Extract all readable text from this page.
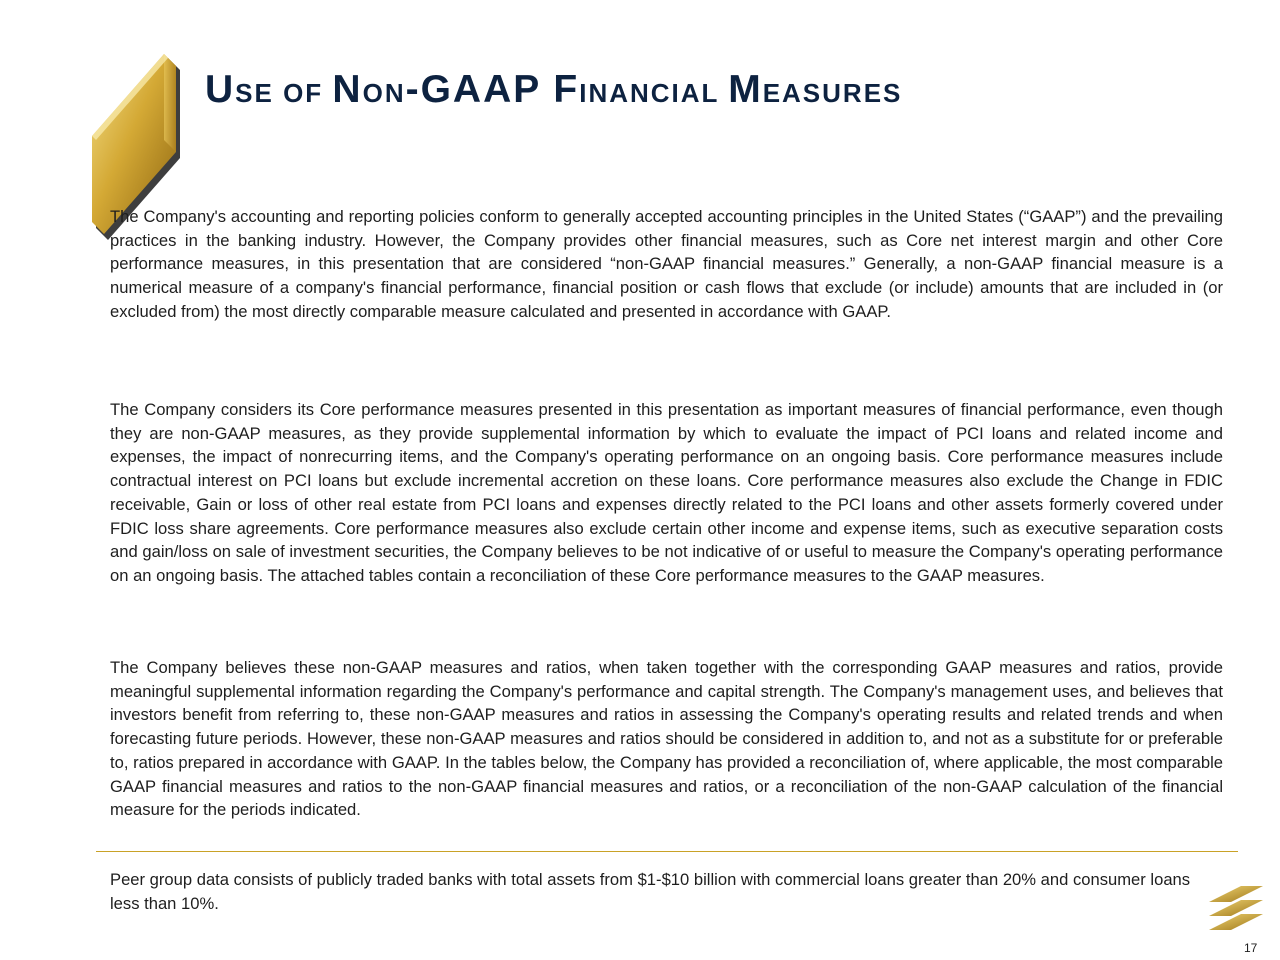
USE OF NON-GAAP FINANCIAL MEASURES

The Company's accounting and reporting policies conform to generally accepted accounting principles in the United States (“GAAP”) and the prevailing practices in the banking industry. However, the Company provides other financial measures, such as Core net interest margin and other Core performance measures, in this presentation that are considered “non-GAAP financial measures.” Generally, a non-GAAP financial measure is a numerical measure of a company's financial performance, financial position or cash flows that exclude (or include) amounts that are included in (or excluded from) the most directly comparable measure calculated and presented in accordance with GAAP.

The Company considers its Core performance measures presented in this presentation as important measures of financial performance, even though they are non-GAAP measures, as they provide supplemental information by which to evaluate the impact of PCI loans and related income and expenses, the impact of nonrecurring items, and the Company's operating performance on an ongoing basis. Core performance measures include contractual interest on PCI loans but exclude incremental accretion on these loans. Core performance measures also exclude the Change in FDIC receivable, Gain or loss of other real estate from PCI loans and expenses directly related to the PCI loans and other assets formerly covered under FDIC loss share agreements. Core performance measures also exclude certain other income and expense items, such as executive separation costs and gain/loss on sale of investment securities, the Company believes to be not indicative of or useful to measure the Company's operating performance on an ongoing basis. The attached tables contain a reconciliation of these Core performance measures to the GAAP measures.

The Company believes these non-GAAP measures and ratios, when taken together with the corresponding GAAP measures and ratios, provide meaningful supplemental information regarding the Company's performance and capital strength. The Company's management uses, and believes that investors benefit from referring to, these non-GAAP measures and ratios in assessing the Company's operating results and related trends and when forecasting future periods. However, these non-GAAP measures and ratios should be considered in addition to, and not as a substitute for or preferable to, ratios prepared in accordance with GAAP. In the tables below, the Company has provided a reconciliation of, where applicable, the most comparable GAAP financial measures and ratios to the non-GAAP financial measures and ratios, or a reconciliation of the non-GAAP calculation of the financial measure for the periods indicated.

Peer group data consists of publicly traded banks with total assets from $1-$10 billion with commercial loans greater than 20% and consumer loans less than 10%.

17
